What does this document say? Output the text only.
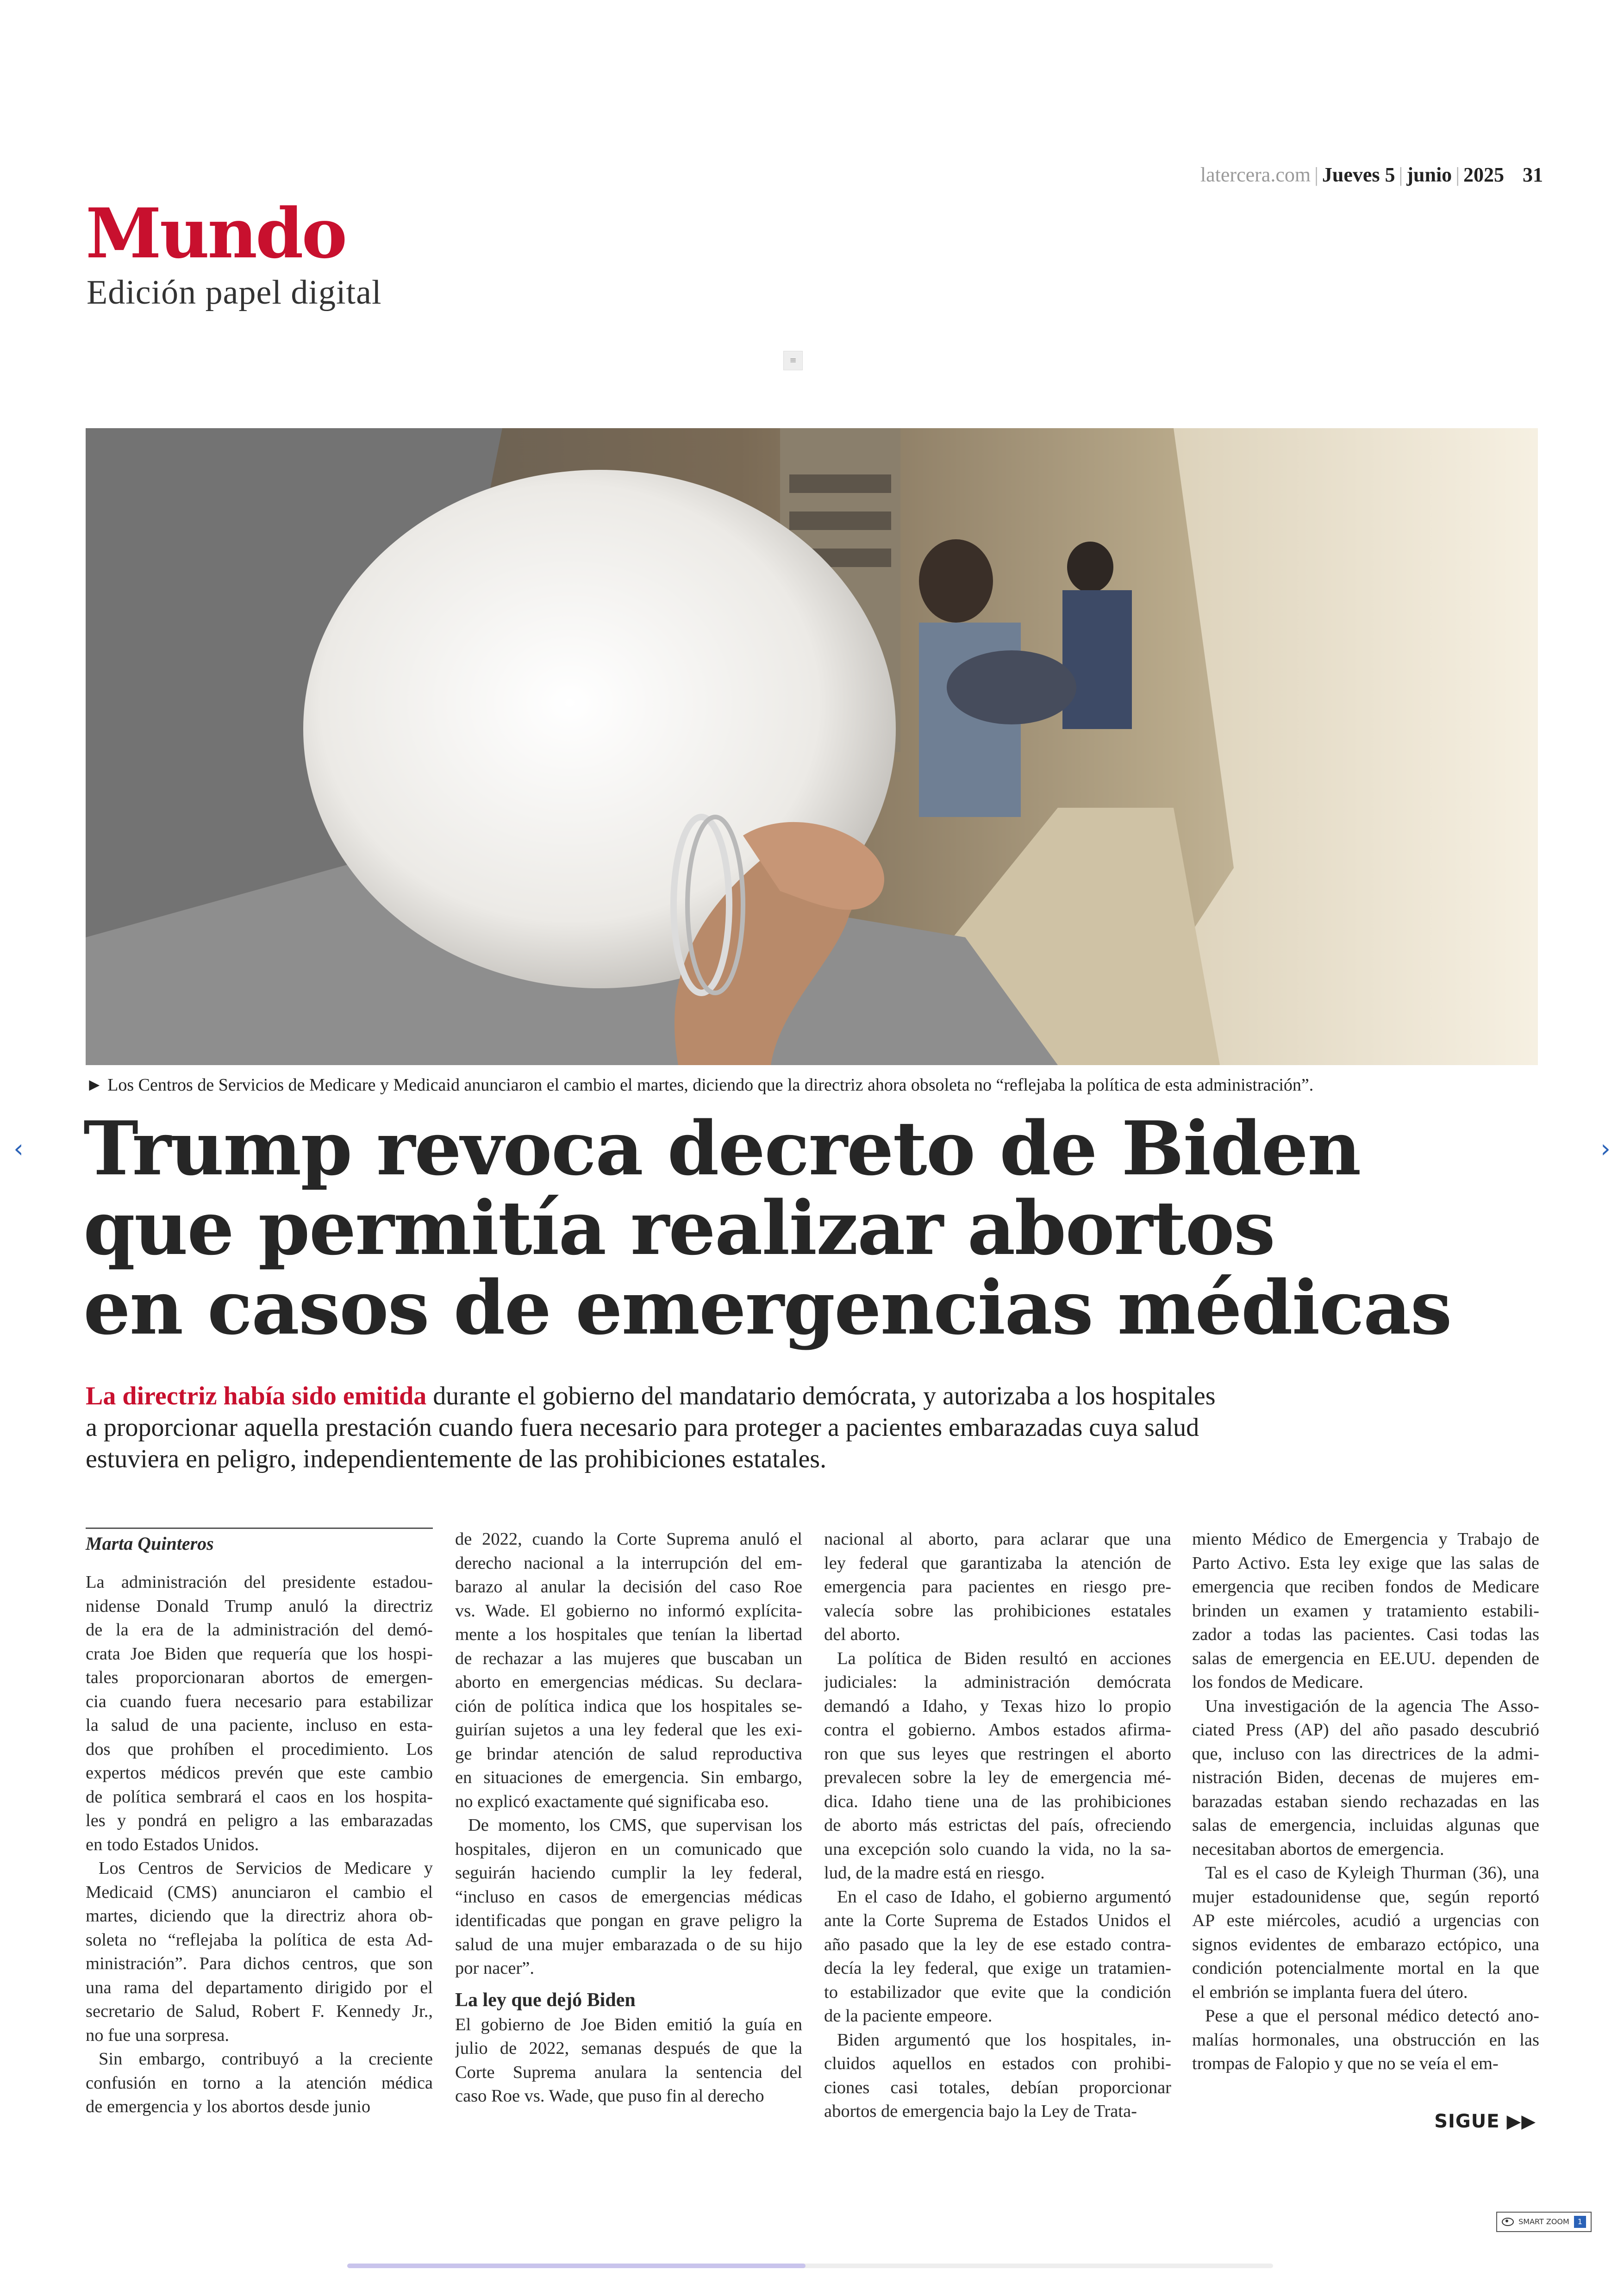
latercera.com | Jueves 5 | junio | 2025 31
Mundo
Edición papel digital
≡
► Los Centros de Servicios de Medicare y Medicaid anunciaron el cambio el martes, diciendo que la directriz ahora obsoleta no “reflejaba la política de esta administración”.
‹	›
Trump revoca decreto de Biden
que permitía realizar abortos
en casos de emergencias médicas
La directriz había sido emitida durante el gobierno del mandatario demócrata, y autorizaba a los hospitales
a proporcionar aquella prestación cuando fuera necesario para proteger a pacientes embarazadas cuya salud
estuviera en peligro, independientemente de las prohibiciones estatales.
Marta Quinteros
La administración del presidente estadou-
nidense Donald Trump anuló la directriz
de la era de la administración del demó-
crata Joe Biden que requería que los hospi-
tales proporcionaran abortos de emergen-
cia cuando fuera necesario para estabilizar
la salud de una paciente, incluso en esta-
dos que prohíben el procedimiento. Los
expertos médicos prevén que este cambio
de política sembrará el caos en los hospita-
les y pondrá en peligro a las embarazadas
en todo Estados Unidos.
Los Centros de Servicios de Medicare y
Medicaid (CMS) anunciaron el cambio el
martes, diciendo que la directriz ahora ob-
soleta no “reflejaba la política de esta Ad-
ministración”. Para dichos centros, que son
una rama del departamento dirigido por el
secretario de Salud, Robert F. Kennedy Jr.,
no fue una sorpresa.
Sin embargo, contribuyó a la creciente
confusión en torno a la atención médica
de emergencia y los abortos desde junio
de 2022, cuando la Corte Suprema anuló el
derecho nacional a la interrupción del em-
barazo al anular la decisión del caso Roe
vs. Wade. El gobierno no informó explícita-
mente a los hospitales que tenían la libertad
de rechazar a las mujeres que buscaban un
aborto en emergencias médicas. Su declara-
ción de política indica que los hospitales se-
guirían sujetos a una ley federal que les exi-
ge brindar atención de salud reproductiva
en situaciones de emergencia. Sin embargo,
no explicó exactamente qué significaba eso.
De momento, los CMS, que supervisan los
hospitales, dijeron en un comunicado que
seguirán haciendo cumplir la ley federal,
“incluso en casos de emergencias médicas
identificadas que pongan en grave peligro la
salud de una mujer embarazada o de su hijo
por nacer”.
La ley que dejó Biden
El gobierno de Joe Biden emitió la guía en
julio de 2022, semanas después de que la
Corte Suprema anulara la sentencia del
caso Roe vs. Wade, que puso fin al derecho
nacional al aborto, para aclarar que una
ley federal que garantizaba la atención de
emergencia para pacientes en riesgo pre-
valecía sobre las prohibiciones estatales
del aborto.
La política de Biden resultó en acciones
judiciales: la administración demócrata
demandó a Idaho, y Texas hizo lo propio
contra el gobierno. Ambos estados afirma-
ron que sus leyes que restringen el aborto
prevalecen sobre la ley de emergencia mé-
dica. Idaho tiene una de las prohibiciones
de aborto más estrictas del país, ofreciendo
una excepción solo cuando la vida, no la sa-
lud, de la madre está en riesgo.
En el caso de Idaho, el gobierno argumentó
ante la Corte Suprema de Estados Unidos el
año pasado que la ley de ese estado contra-
decía la ley federal, que exige un tratamien-
to estabilizador que evite que la condición
de la paciente empeore.
Biden argumentó que los hospitales, in-
cluidos aquellos en estados con prohibi-
ciones casi totales, debían proporcionar
abortos de emergencia bajo la Ley de Trata-
miento Médico de Emergencia y Trabajo de
Parto Activo. Esta ley exige que las salas de
emergencia que reciben fondos de Medicare
brinden un examen y tratamiento estabili-
zador a todas las pacientes. Casi todas las
salas de emergencia en EE.UU. dependen de
los fondos de Medicare.
Una investigación de la agencia The Asso-
ciated Press (AP) del año pasado descubrió
que, incluso con las directrices de la admi-
nistración Biden, decenas de mujeres em-
barazadas estaban siendo rechazadas en las
salas de emergencia, incluidas algunas que
necesitaban abortos de emergencia.
Tal es el caso de Kyleigh Thurman (36), una
mujer estadounidense que, según reportó
AP este miércoles, acudió a urgencias con
signos evidentes de embarazo ectópico, una
condición potencialmente mortal en la que
el embrión se implanta fuera del útero.
Pese a que el personal médico detectó ano-
malías hormonales, una obstrucción en las
trompas de Falopio y que no se veía el em-
SIGUE ▶▶
SMART ZOOM	1
